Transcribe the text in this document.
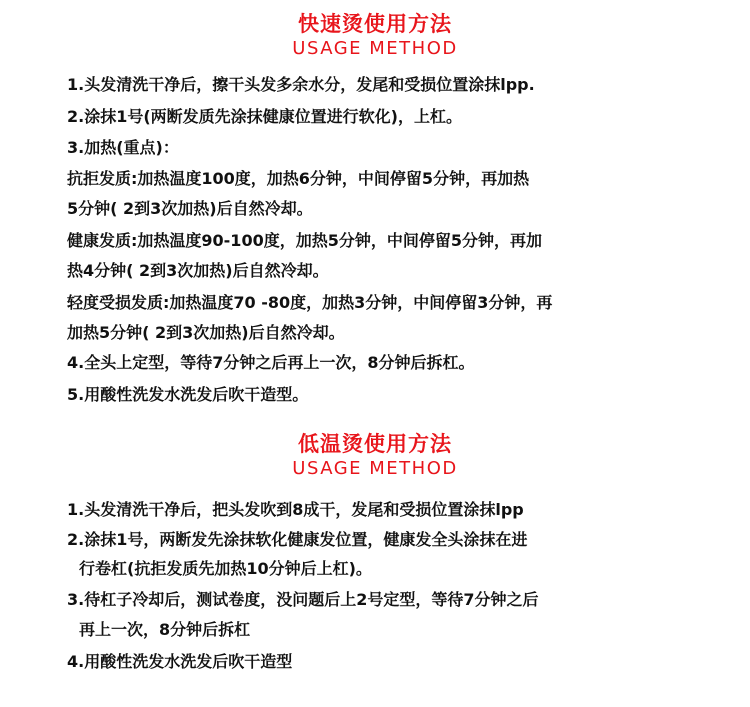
快速烫使用方法
USAGE METHOD
1.头发清洗干净后，擦干头发多余水分，发尾和受损位置涂抹lpp.
2.涂抹1号(两断发质先涂抹健康位置进行软化)，上杠。
3.加热(重点)：
抗拒发质:加热温度100度，加热6分钟，中间停留5分钟，再加热
5分钟( 2到3次加热)后自然冷却。
健康发质:加热温度90-100度，加热5分钟，中间停留5分钟，再加
热4分钟( 2到3次加热)后自然冷却。
轻度受损发质:加热温度70 -80度，加热3分钟，中间停留3分钟，再
加热5分钟( 2到3次加热)后自然冷却。
4.全头上定型，等待7分钟之后再上一次，8分钟后拆杠。
5.用酸性洗发水洗发后吹干造型。
低温烫使用方法
USAGE METHOD
1.头发清洗干净后，把头发吹到8成干，发尾和受损位置涂抹lpp
2.涂抹1号，两断发先涂抹软化健康发位置，健康发全头涂抹在进
行卷杠(抗拒发质先加热10分钟后上杠)。
3.待杠子冷却后，测试卷度，没问题后上2号定型，等待7分钟之后
再上一次，8分钟后拆杠
4.用酸性洗发水洗发后吹干造型
